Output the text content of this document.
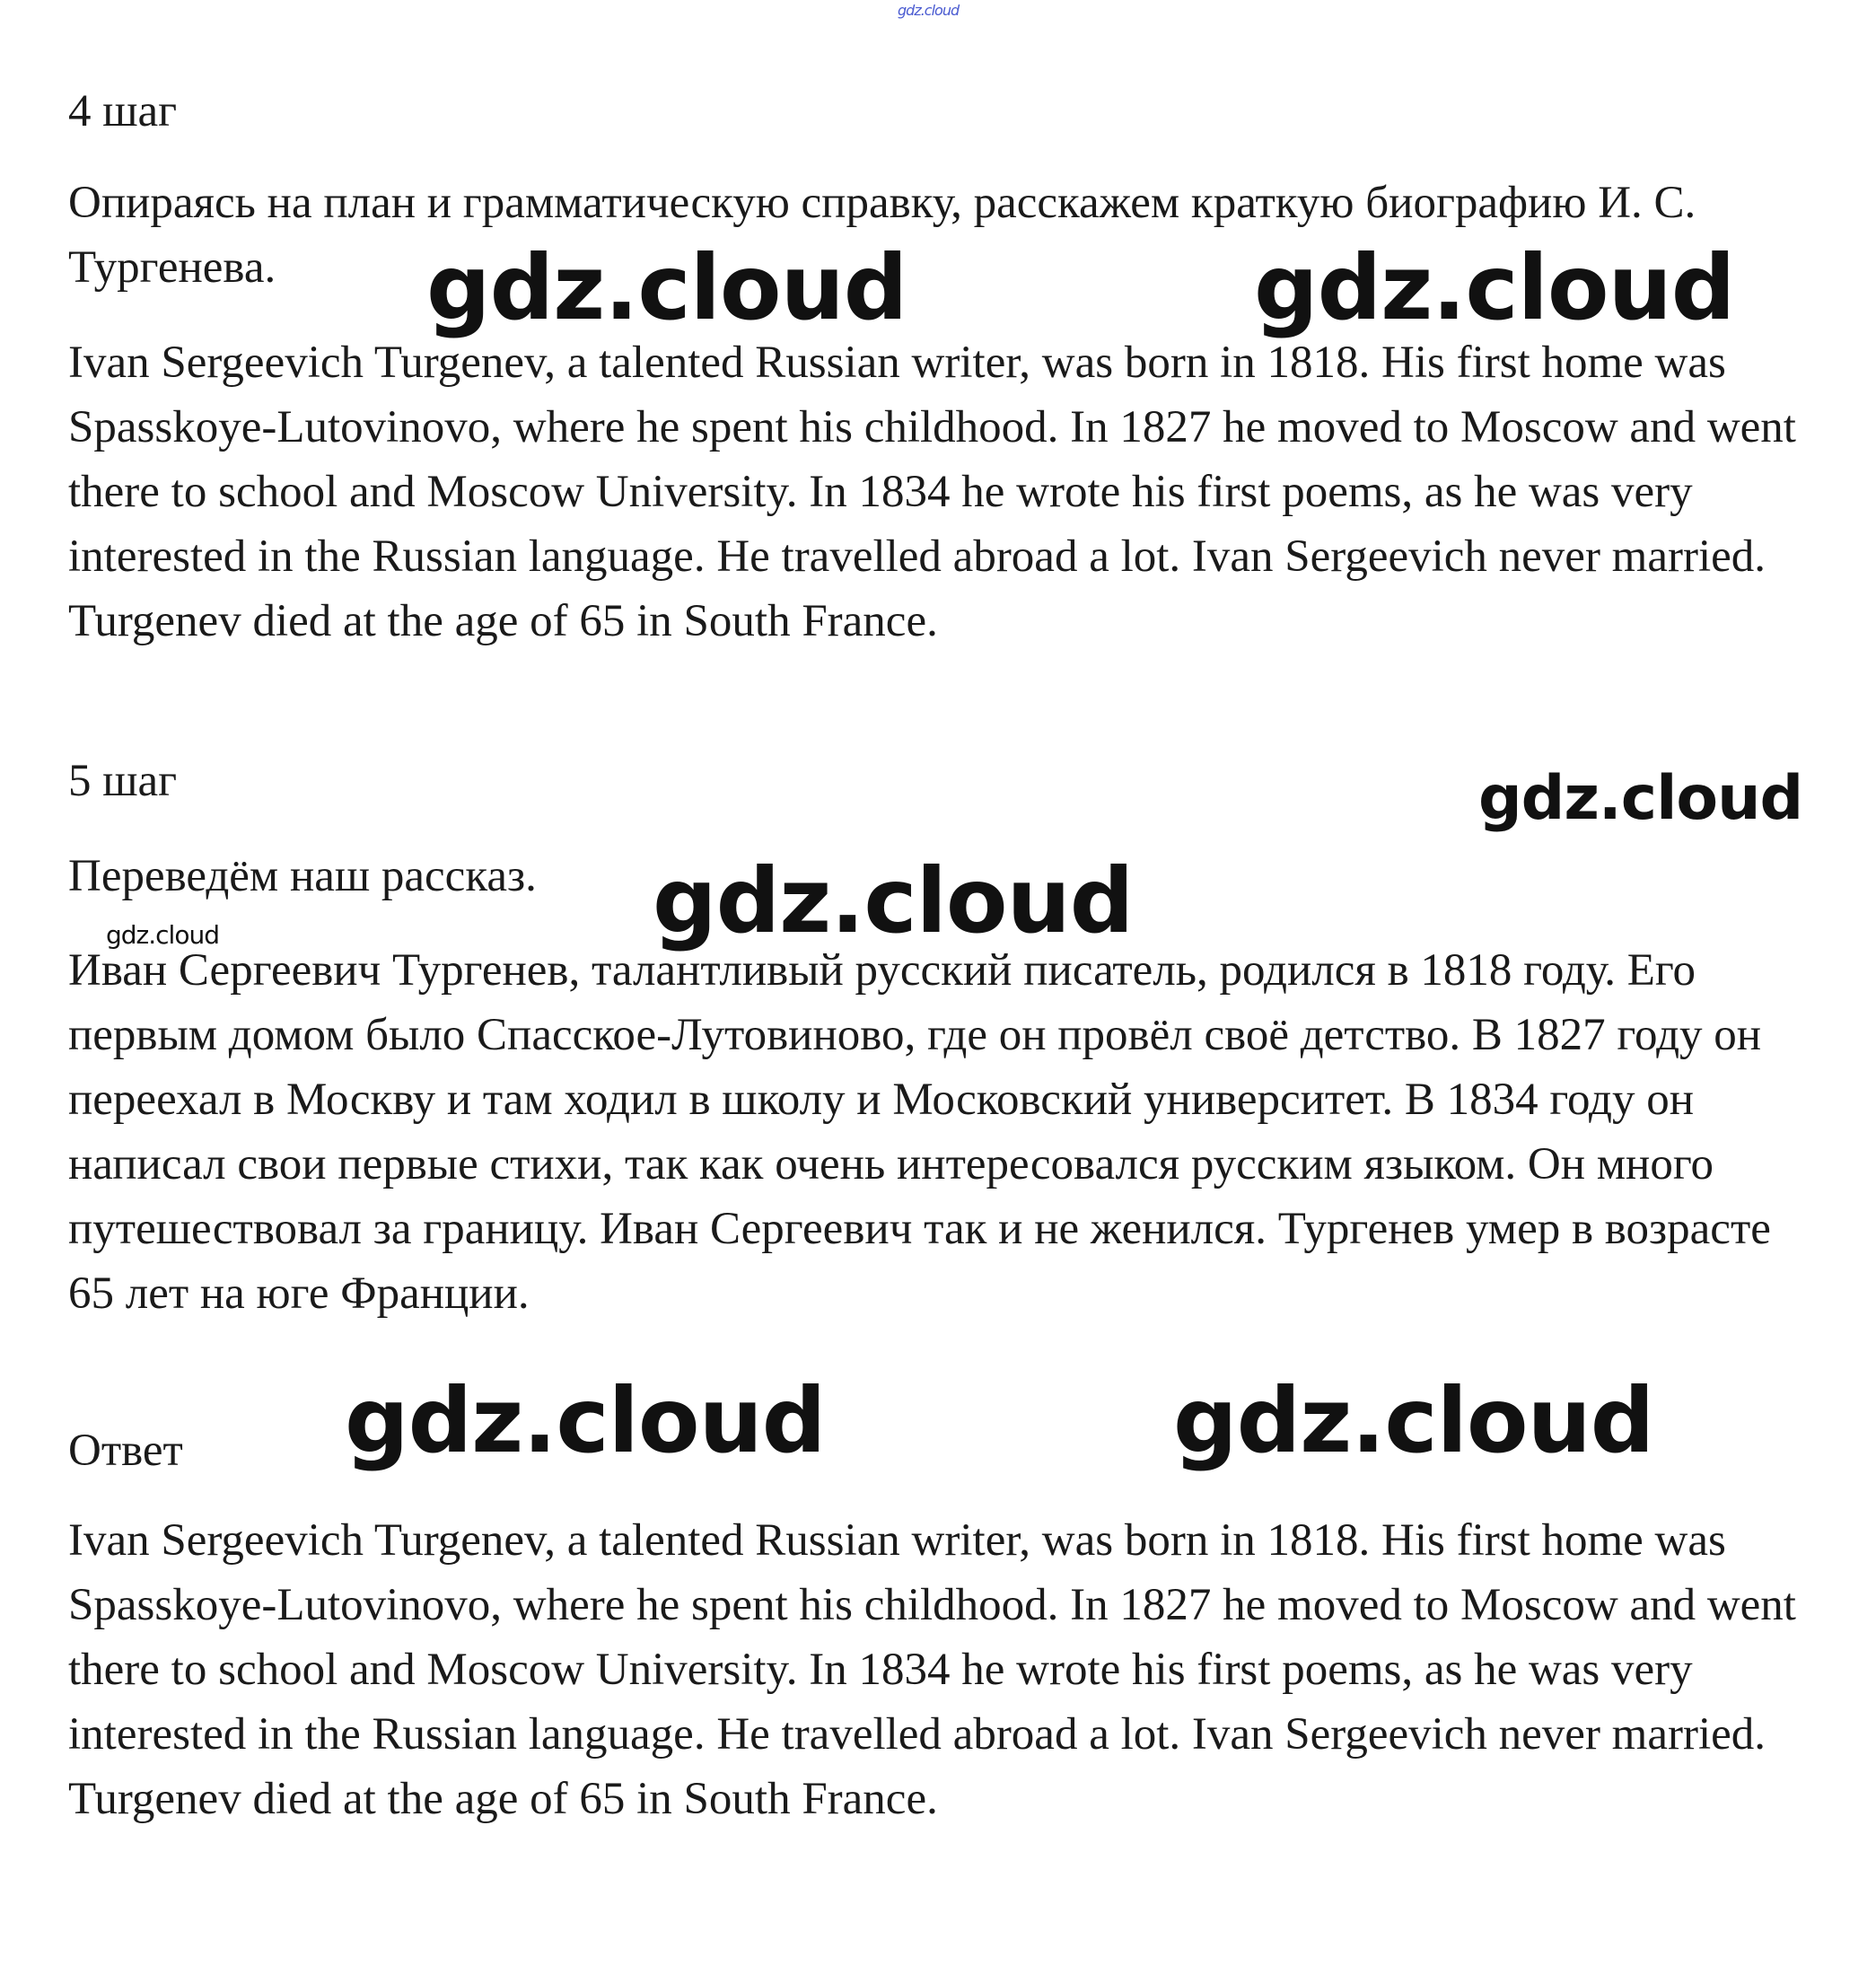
gdz.cloud

4 шаг

Опираясь на план и грамматическую справку, расскажем краткую биографию И. С. Тургенева.

Ivan Sergeevich Turgenev, a talented Russian writer, was born in 1818. His first home was Spasskoye-Lutovinovo, where he spent his childhood. In 1827 he moved to Moscow and went there to school and Moscow University. In 1834 he wrote his first poems, as he was very interested in the Russian language. He travelled abroad a lot. Ivan Sergeevich never married. Turgenev died at the age of 65 in South France.

5 шаг

Переведём наш рассказ.

Иван Сергеевич Тургенев, талантливый русский писатель, родился в 1818 году. Его первым домом было Спасское-Лутовиново, где он провёл своё детство. В 1827 году он переехал в Москву и там ходил в школу и Московский университет. В 1834 году он написал свои первые стихи, так как очень интересовался русским языком. Он много путешествовал за границу. Иван Сергеевич так и не женился. Тургенев умер в возрасте 65 лет на юге Франции.

Ответ

Ivan Sergeevich Turgenev, a talented Russian writer, was born in 1818. His first home was Spasskoye-Lutovinovo, where he spent his childhood. In 1827 he moved to Moscow and went there to school and Moscow University. In 1834 he wrote his first poems, as he was very interested in the Russian language. He travelled abroad a lot. Ivan Sergeevich never married. Turgenev died at the age of 65 in South France.

gdz.cloud	gdz.cloud
gdz.cloud
gdz.cloud
gdz.cloud
gdz.cloud	gdz.cloud
